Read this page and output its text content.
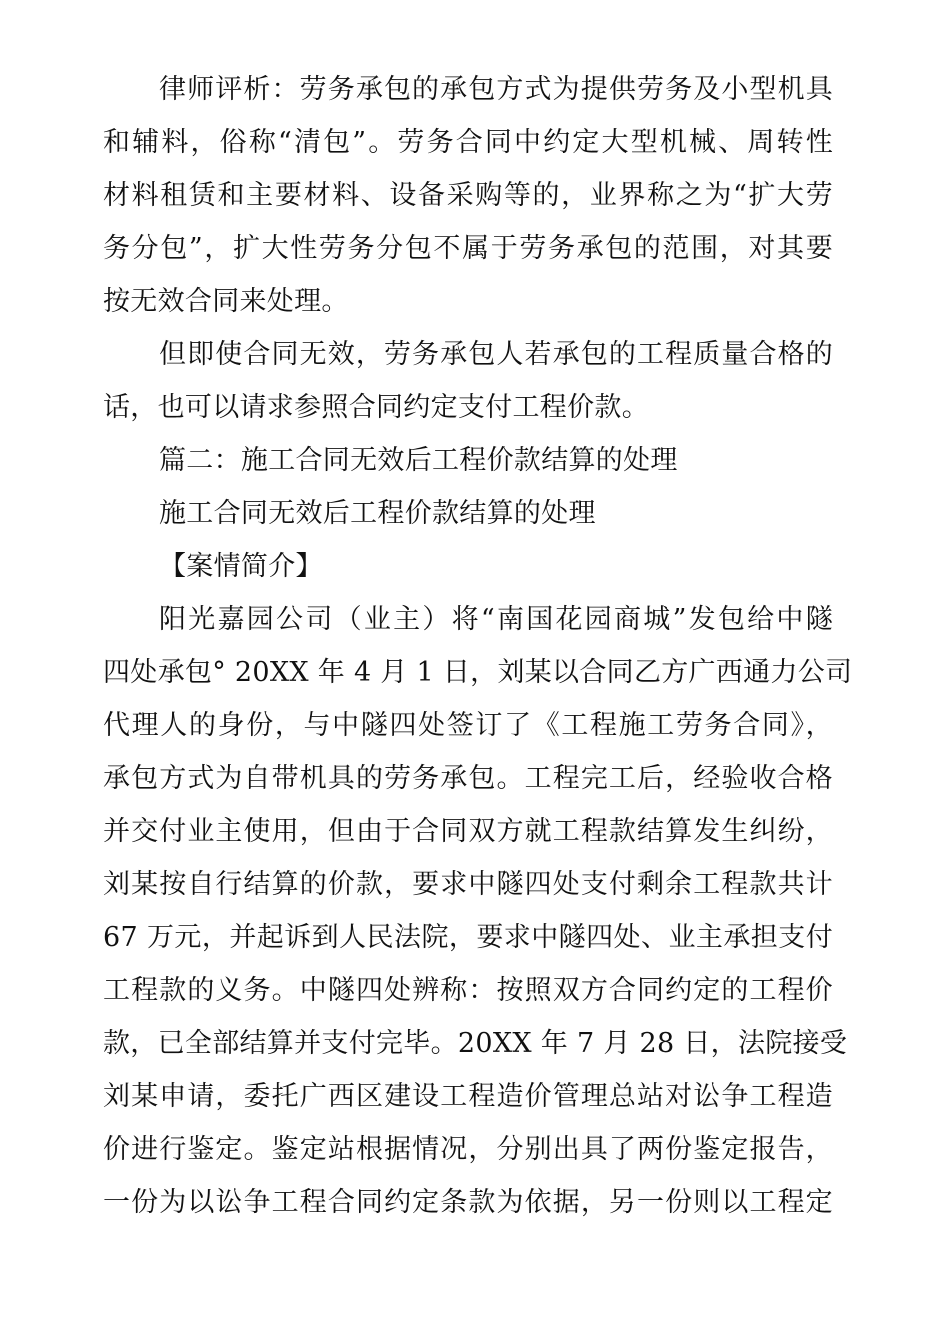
律师评析：劳务承包的承包方式为提供劳务及小型机具
和辅料，俗称“清包”。劳务合同中约定大型机械、周转性
材料租赁和主要材料、设备采购等的，业界称之为“扩大劳
务分包”，扩大性劳务分包不属于劳务承包的范围，对其要
按无效合同来处理。
但即使合同无效，劳务承包人若承包的工程质量合格的
话，也可以请求参照合同约定支付工程价款。
篇二：施工合同无效后工程价款结算的处理
施工合同无效后工程价款结算的处理
【案情简介】
阳光嘉园公司（业主）将“南国花园商城”发包给中隧
四处承包° 20XX 年 4 月 1 日，刘某以合同乙方广西通力公司
代理人的身份，与中隧四处签订了《工程施工劳务合同》，
承包方式为自带机具的劳务承包。工程完工后，经验收合格
并交付业主使用，但由于合同双方就工程款结算发生纠纷，
刘某按自行结算的价款，要求中隧四处支付剩余工程款共计
67 万元，并起诉到人民法院，要求中隧四处、业主承担支付
工程款的义务。中隧四处辨称：按照双方合同约定的工程价
款，已全部结算并支付完毕。20XX 年 7 月 28 日，法院接受
刘某申请，委托广西区建设工程造价管理总站对讼争工程造
价进行鉴定。鉴定站根据情况，分别出具了两份鉴定报告，
一份为以讼争工程合同约定条款为依据，另一份则以工程定
